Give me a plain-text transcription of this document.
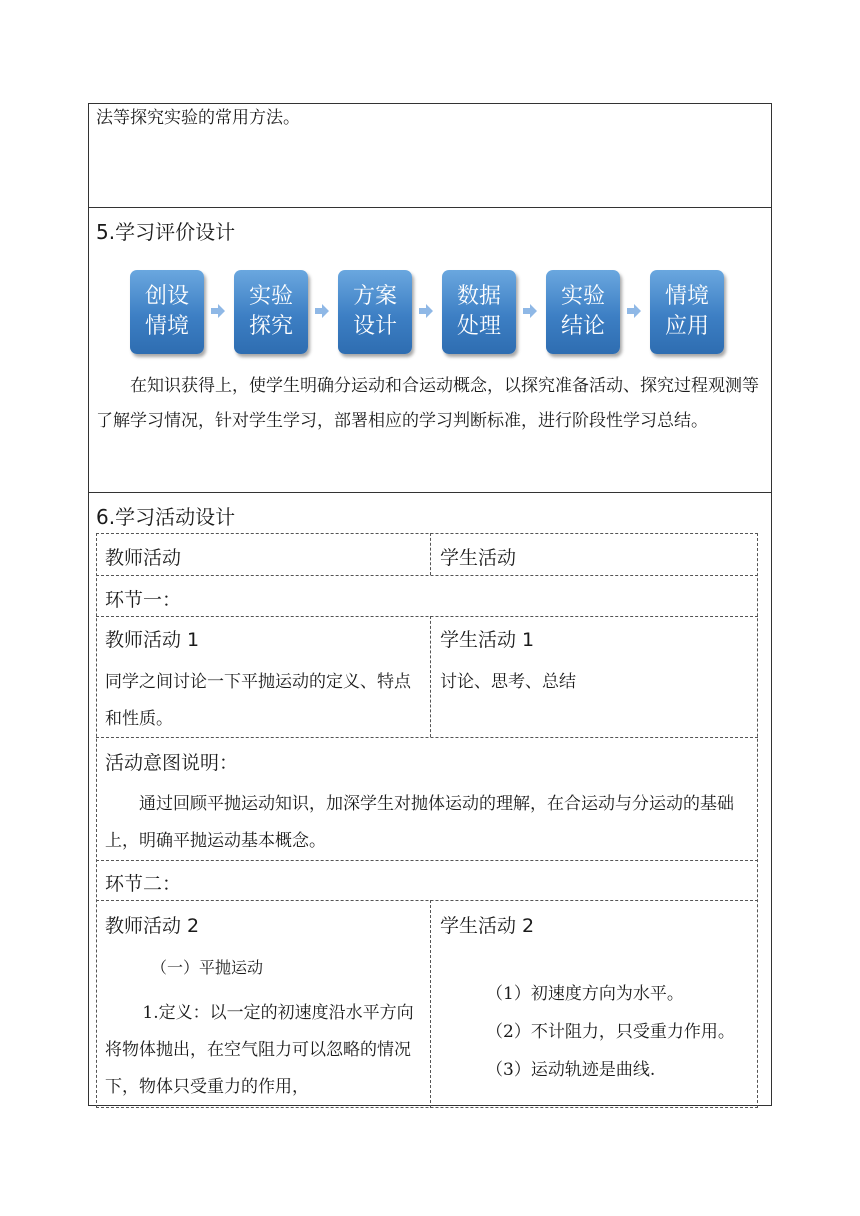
法等探究实验的常用方法。
5.学习评价设计
创设
情境
实验
探究
方案
设计
数据
处理
实验
结论
情境
应用
在知识获得上，使学生明确分运动和合运动概念，以探究准备活动、探究过程观测等了解学习情况，针对学生学习，部署相应的学习判断标准，进行阶段性学习总结。
6.学习活动设计
教师活动	学生活动
环节一：
教师活动 1
同学之间讨论一下平抛运动的定义、特点和性质。
学生活动 1
讨论、思考、总结
活动意图说明：
通过回顾平抛运动知识，加深学生对抛体运动的理解，在合运动与分运动的基础上，明确平抛运动基本概念。
环节二：
教师活动 2
（一）平抛运动
1.定义：以一定的初速度沿水平方向将物体抛出，在空气阻力可以忽略的情况下，物体只受重力的作用，
学生活动 2
（1）初速度方向为水平。
（2）不计阻力，只受重力作用。
（3）运动轨迹是曲线.
